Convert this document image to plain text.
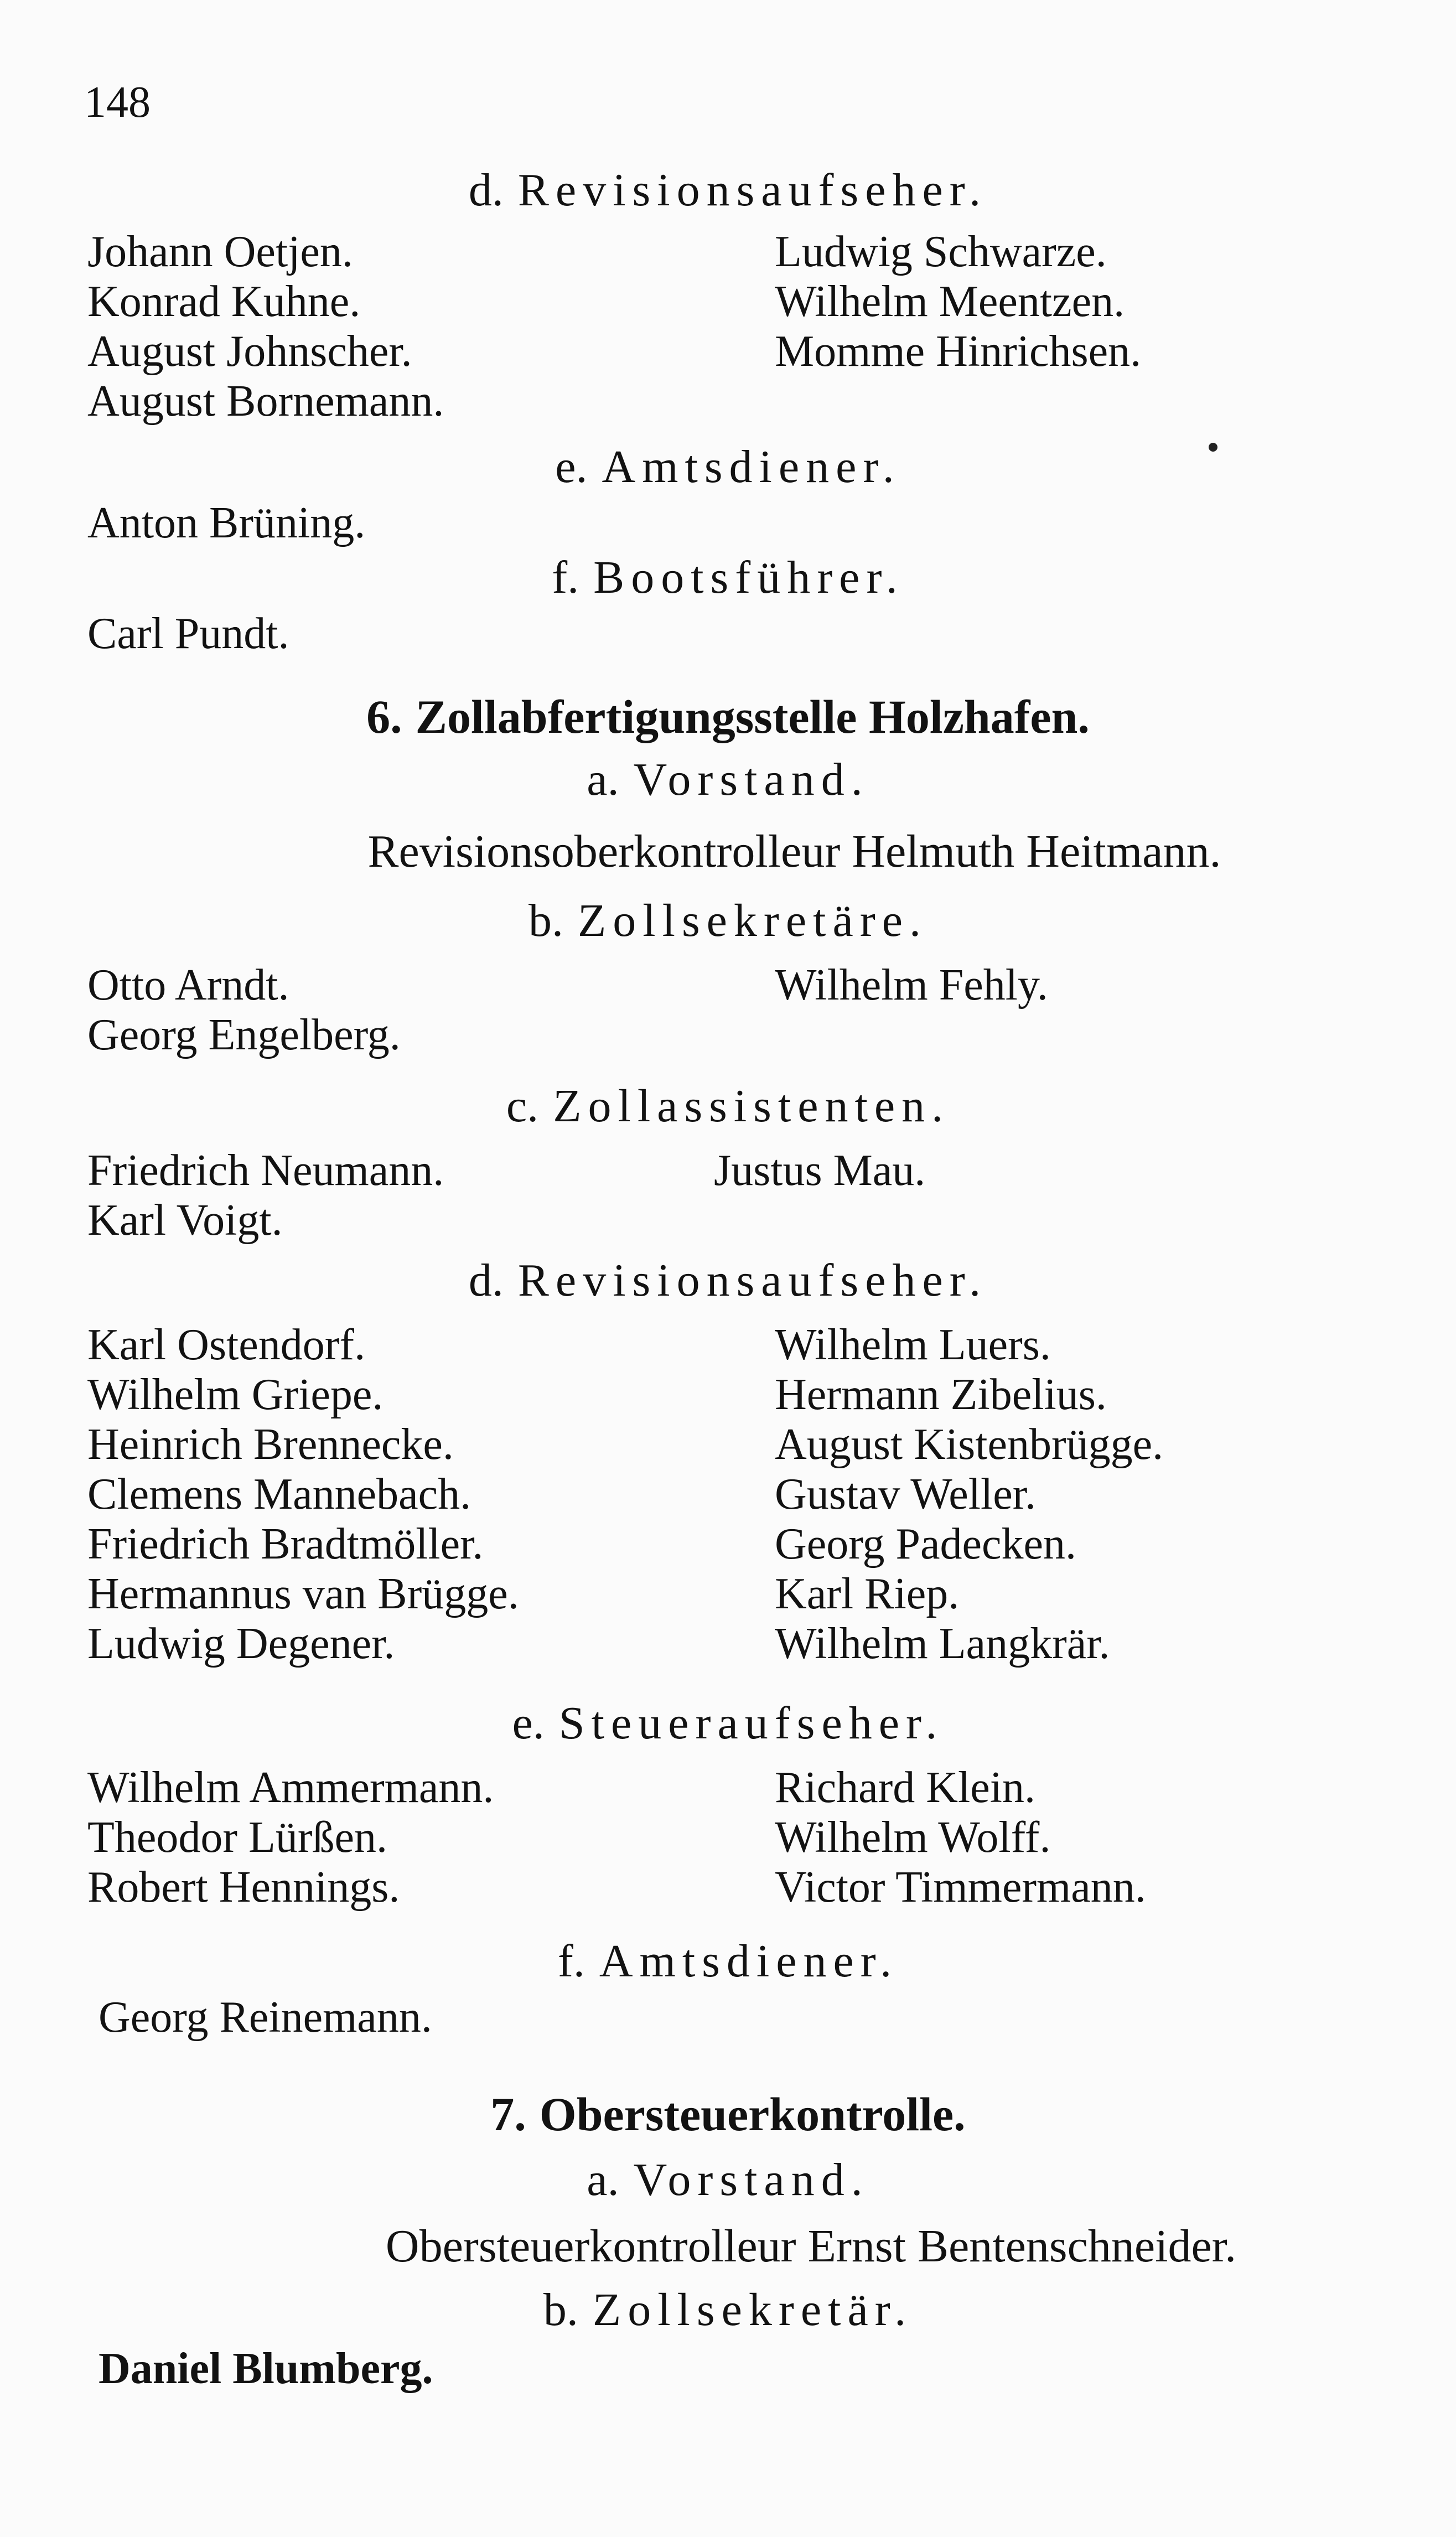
148
d. Revisionsaufseher.
Johann Oetjen.
Konrad Kuhne.
August Johnscher.
August Bornemann.
Ludwig Schwarze.
Wilhelm Meentzen.
Momme Hinrichsen.
e. Amtsdiener.
Anton Brüning.
f. Bootsführer.
Carl Pundt.
6. Zollabfertigungsstelle Holzhafen.
a. Vorstand.
Revisionsoberkontrolleur Helmuth Heitmann.
b. Zollsekretäre.
Otto Arndt.
Georg Engelberg.
Wilhelm Fehly.
c. Zollassistenten.
Friedrich Neumann.
Karl Voigt.
Justus Mau.
d. Revisionsaufseher.
Karl Ostendorf.
Wilhelm Griepe.
Heinrich Brennecke.
Clemens Mannebach.
Friedrich Bradtmöller.
Hermannus van Brügge.
Ludwig Degener.
Wilhelm Luers.
Hermann Zibelius.
August Kistenbrügge.
Gustav Weller.
Georg Padecken.
Karl Riep.
Wilhelm Langkrär.
e. Steueraufseher.
Wilhelm Ammermann.
Theodor Lürßen.
Robert Hennings.
Richard Klein.
Wilhelm Wolff.
Victor Timmermann.
f. Amtsdiener.
Georg Reinemann.
7. Obersteuerkontrolle.
a. Vorstand.
Obersteuerkontrolleur Ernst Bentenschneider.
b. Zollsekretär.
Daniel Blumberg.
